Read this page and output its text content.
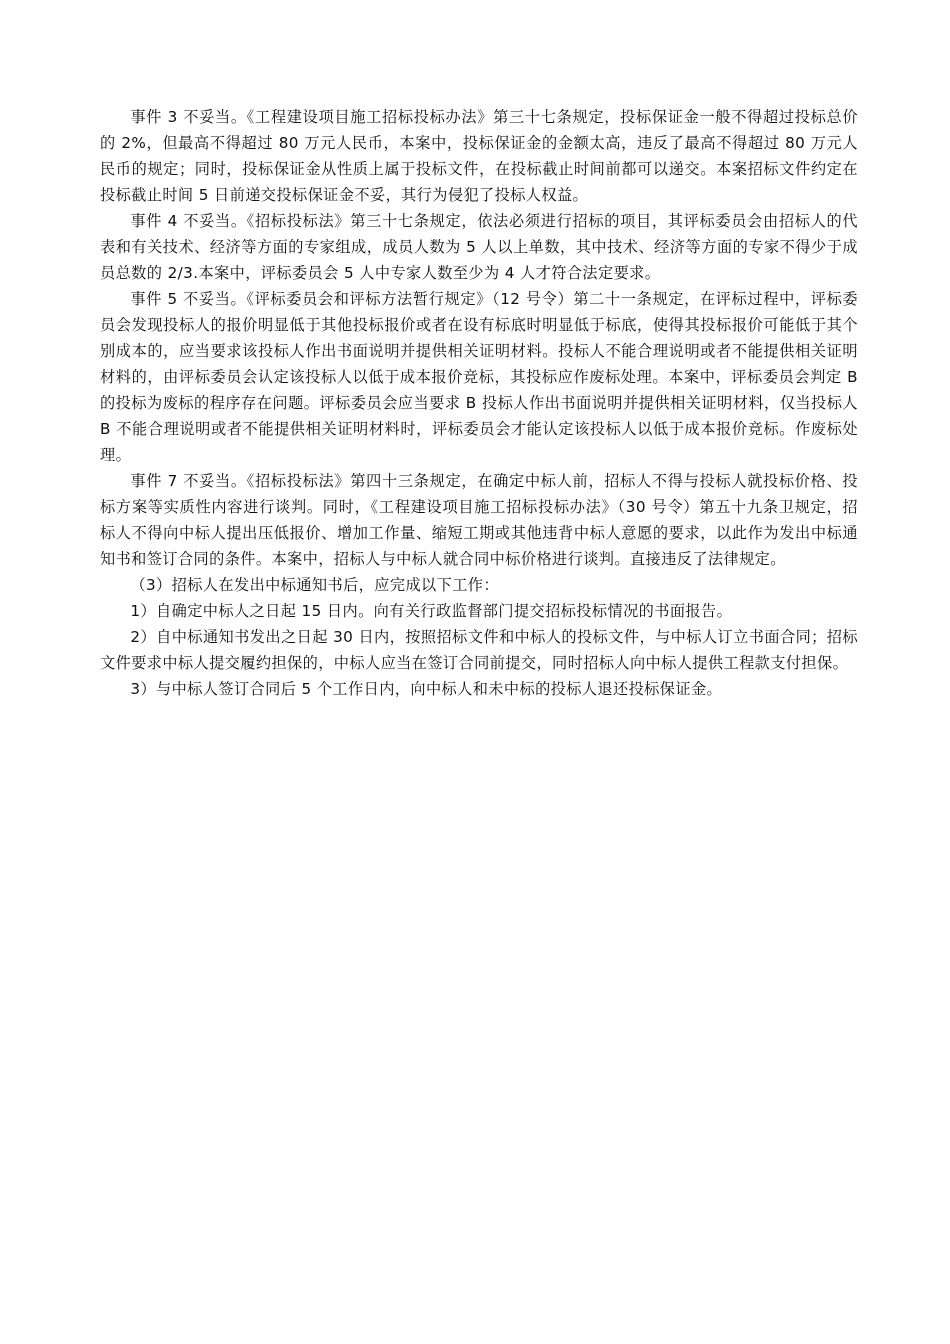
事件 3 不妥当。《工程建设项目施工招标投标办法》第三十七条规定，投标保证金一般不得超过投标总价的 2%，但最高不得超过 80 万元人民币，本案中，投标保证金的金额太高，违反了最高不得超过 80 万元人民币的规定；同时，投标保证金从性质上属于投标文件，在投标截止时间前都可以递交。本案招标文件约定在投标截止时间 5 日前递交投标保证金不妥，其行为侵犯了投标人权益。

事件 4 不妥当。《招标投标法》第三十七条规定，依法必须进行招标的项目，其评标委员会由招标人的代表和有关技术、经济等方面的专家组成，成员人数为 5 人以上单数，其中技术、经济等方面的专家不得少于成员总数的 2/3.本案中，评标委员会 5 人中专家人数至少为 4 人才符合法定要求。

事件 5 不妥当。《评标委员会和评标方法暂行规定》（12 号令）第二十一条规定，在评标过程中，评标委员会发现投标人的报价明显低于其他投标报价或者在设有标底时明显低于标底，使得其投标报价可能低于其个别成本的，应当要求该投标人作出书面说明并提供相关证明材料。投标人不能合理说明或者不能提供相关证明材料的，由评标委员会认定该投标人以低于成本报价竞标，其投标应作废标处理。本案中，评标委员会判定 B 的投标为废标的程序存在问题。评标委员会应当要求 B 投标人作出书面说明并提供相关证明材料，仅当投标人 B 不能合理说明或者不能提供相关证明材料时，评标委员会才能认定该投标人以低于成本报价竞标。作废标处理。

事件 7 不妥当。《招标投标法》第四十三条规定，在确定中标人前，招标人不得与投标人就投标价格、投标方案等实质性内容进行谈判。同时，《工程建设项目施工招标投标办法》（30 号令）第五十九条卫规定，招标人不得向中标人提出压低报价、增加工作量、缩短工期或其他违背中标人意愿的要求，以此作为发出中标通知书和签订合同的条件。本案中，招标人与中标人就合同中标价格进行谈判。直接违反了法律规定。

（3）招标人在发出中标通知书后，应完成以下工作：

1）自确定中标人之日起 15 日内。向有关行政监督部门提交招标投标情况的书面报告。

2）自中标通知书发出之日起 30 日内，按照招标文件和中标人的投标文件，与中标人订立书面合同；招标文件要求中标人提交履约担保的，中标人应当在签订合同前提交，同时招标人向中标人提供工程款支付担保。

3）与中标人签订合同后 5 个工作日内，向中标人和未中标的投标人退还投标保证金。
